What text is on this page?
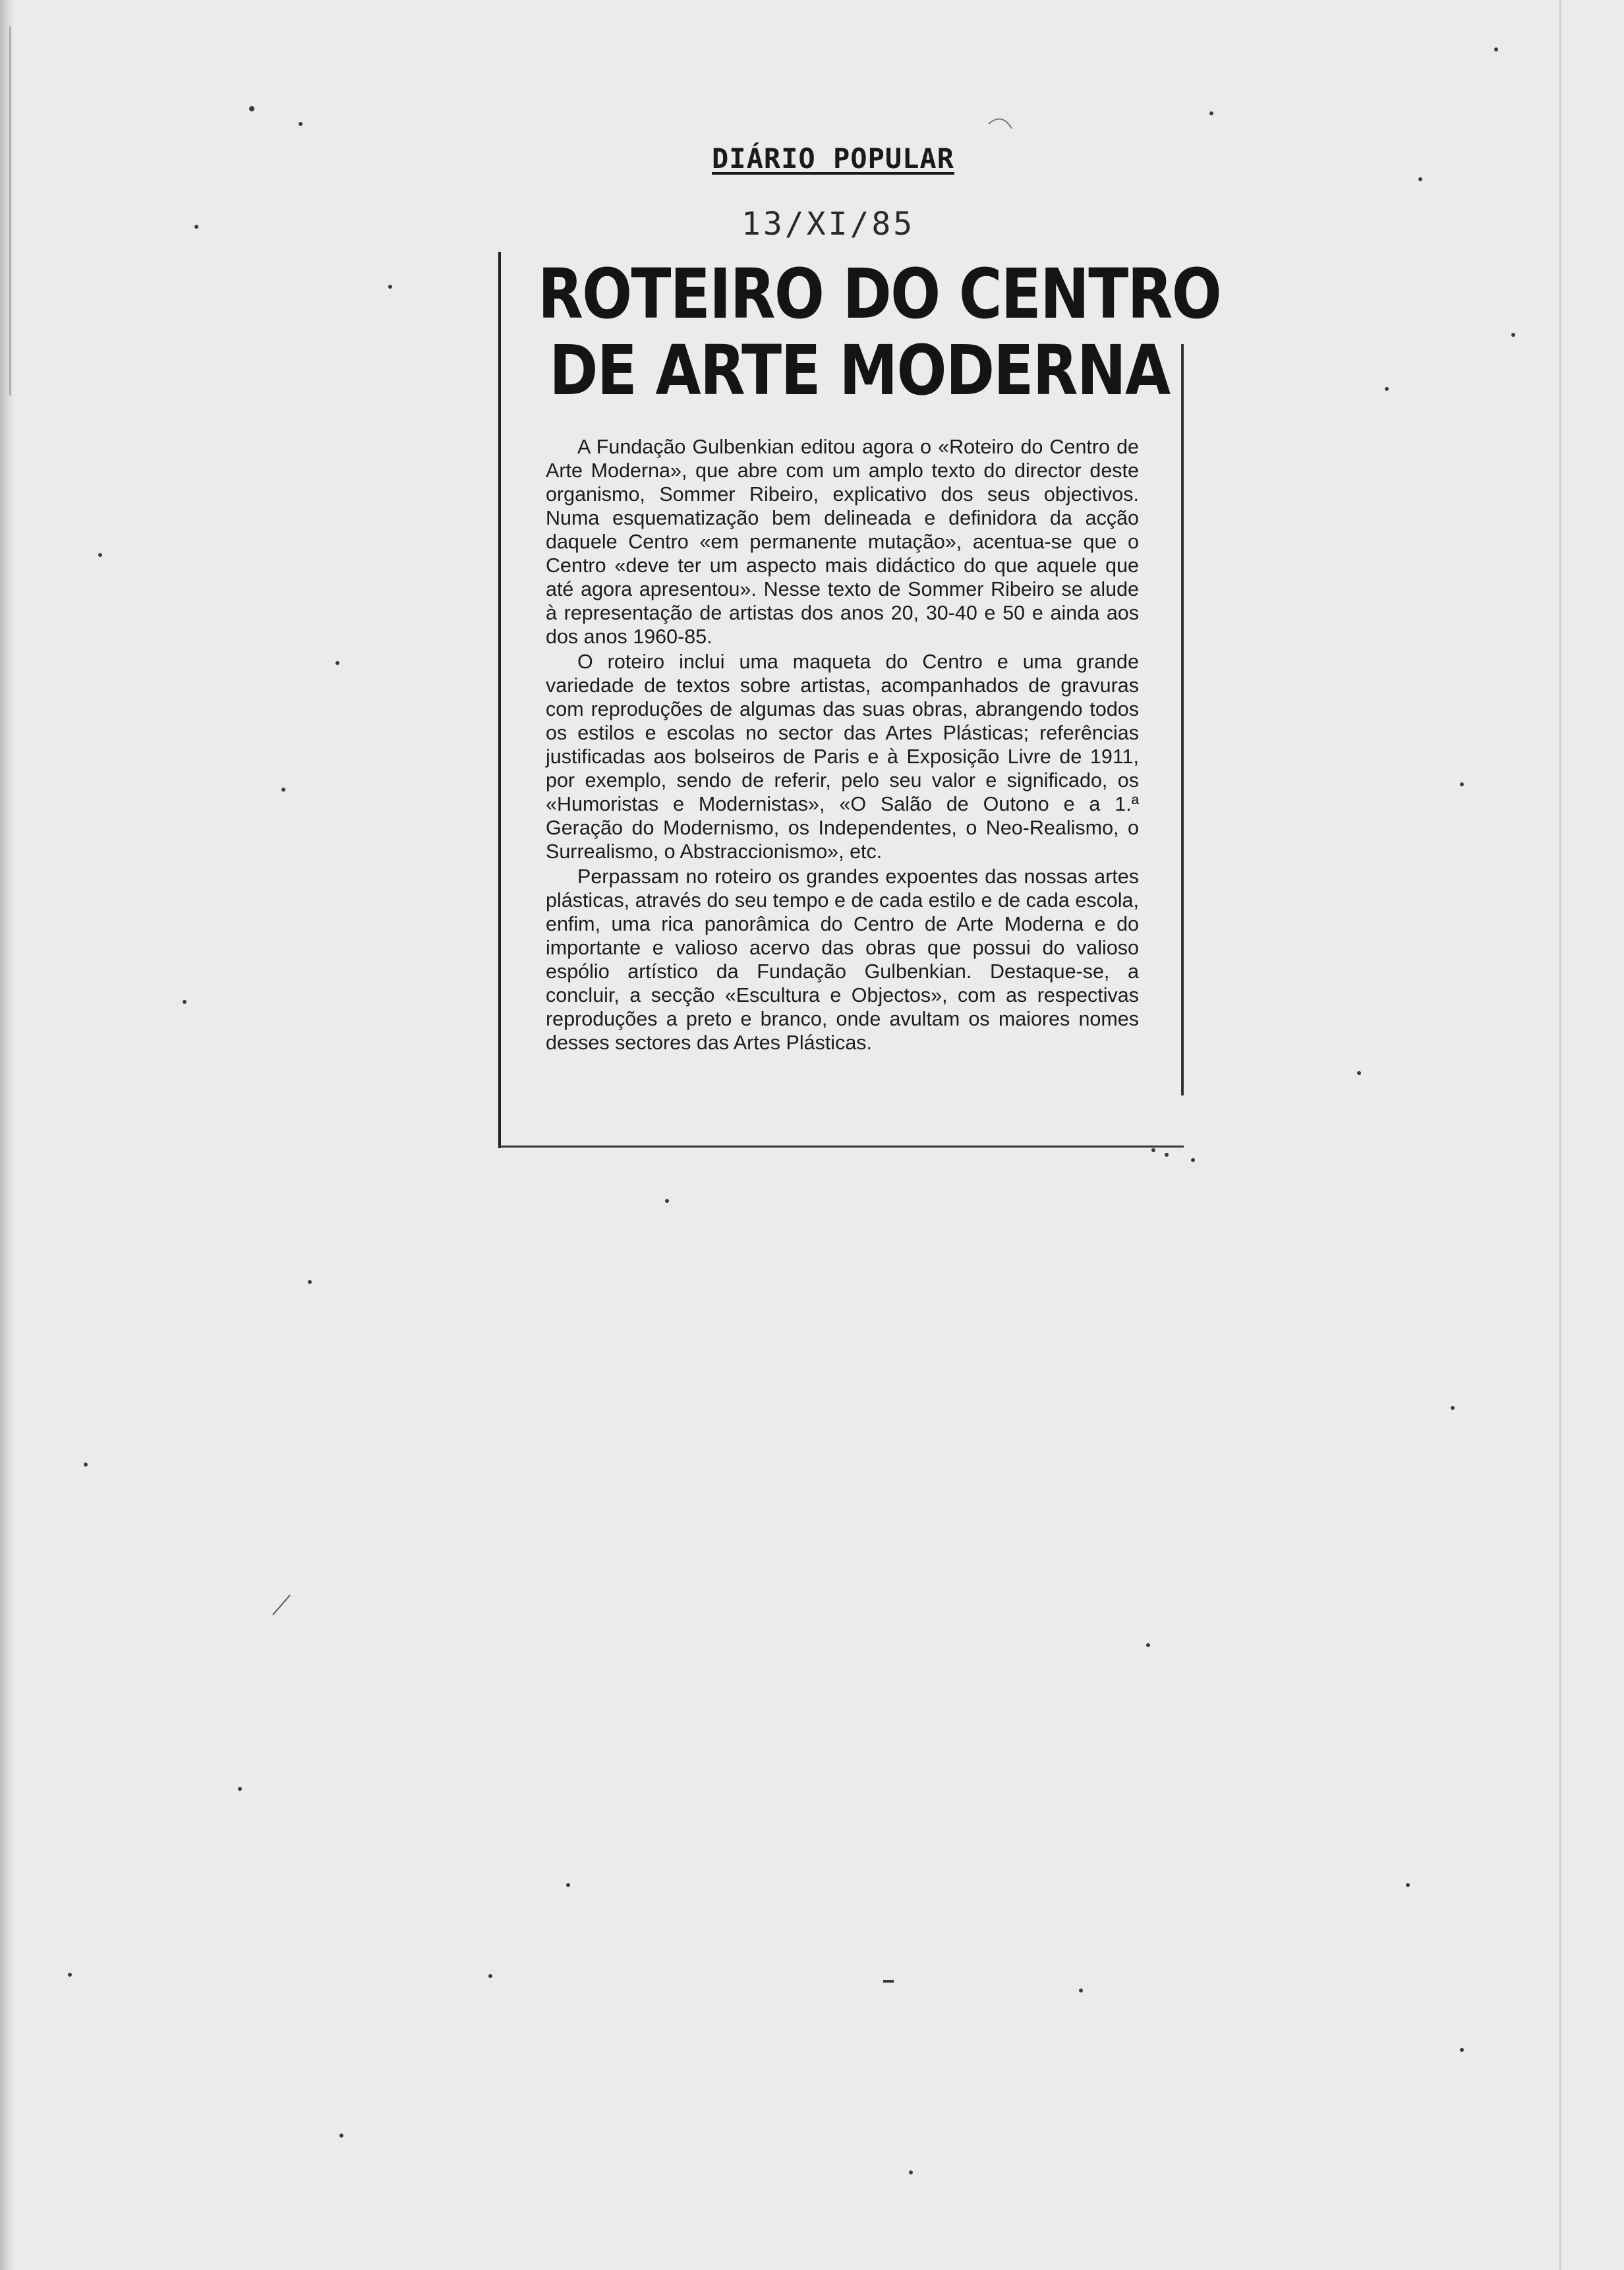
DIÁRIO POPULAR
13/XI/85
ROTEIRO DO CENTRO
DE ARTE MODERNA

A Fundação Gulbenkian editou agora o «Roteiro do Centro de Arte Moderna», que abre com um amplo texto do director deste organismo, Sommer Ribeiro, explicativo dos seus objectivos. Numa esquematização bem delineada e definidora da acção daquele Centro «em permanente mutação», acentua-se que o Centro «deve ter um aspecto mais didáctico do que aquele que até agora apresentou». Nesse texto de Sommer Ribeiro se alude à representação de artistas dos anos 20, 30-40 e 50 e ainda aos dos anos 1960-85.

O roteiro inclui uma maqueta do Centro e uma grande variedade de textos sobre artistas, acompanhados de gravuras com reproduções de algumas das suas obras, abrangendo todos os estilos e escolas no sector das Artes Plásticas; referências justificadas aos bolseiros de Paris e à Exposição Livre de 1911, por exemplo, sendo de referir, pelo seu valor e significado, os «Humoristas e Modernistas», «O Salão de Outono e a 1.ª Geração do Modernismo, os Independentes, o Neo-Realismo, o Surrealismo, o Abstraccionismo», etc.

Perpassam no roteiro os grandes expoentes das nossas artes plásticas, através do seu tempo e de cada estilo e de cada escola, enfim, uma rica panorâmica do Centro de Arte Moderna e do importante e valioso acervo das obras que possui do valioso espólio artístico da Fundação Gulbenkian. Destaque-se, a concluir, a secção «Escultura e Objectos», com as respectivas reproduções a preto e branco, onde avultam os maiores nomes desses sectores das Artes Plásticas.
